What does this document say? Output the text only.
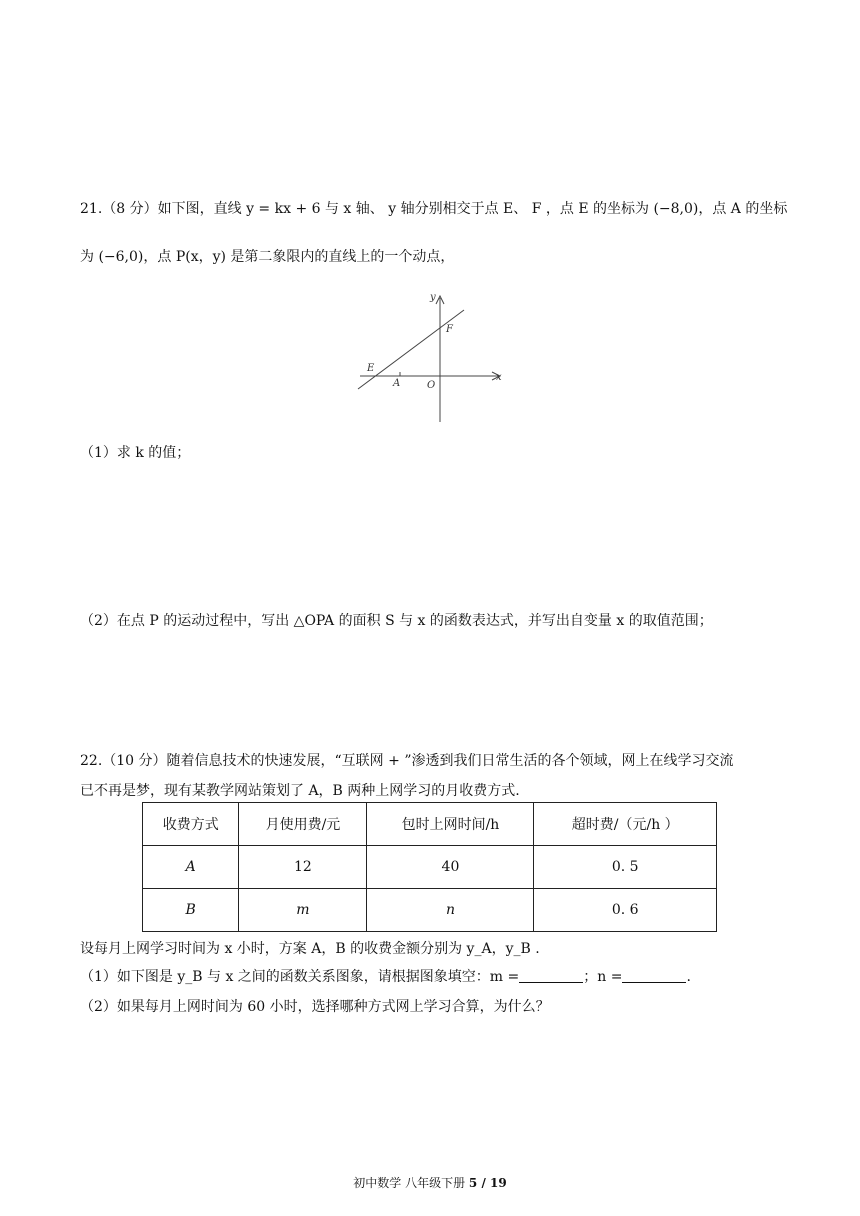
21.（8 分）如下图，直线 y = kx + 6 与 x 轴、 y 轴分别相交于点 E、 F ，点 E 的坐标为 (−8,0)，点 A 的坐标
为 (−6,0)，点 P(x，y) 是第二象限内的直线上的一个动点，
y
x
F
E
A	O
（1）求 k 的值；
（2）在点 P 的运动过程中，写出 △OPA 的面积 S 与 x 的函数表达式，并写出自变量 x 的取值范围；
22.（10 分）随着信息技术的快速发展，“互联网 + ”渗透到我们日常生活的各个领域，网上在线学习交流
已不再是梦，现有某教学网站策划了 A，B 两种上网学习的月收费方式.
收费方式	月使用费/元	包时上网时间/h	超时费/（元/h ）
A	12	40	0. 5
B	m	n	0. 6
设每月上网学习时间为 x 小时，方案 A，B 的收费金额分别为 y_A，y_B .
（1）如下图是 y_B 与 x 之间的函数关系图象，请根据图象填空：m =	；n =	.
（2）如果每月上网时间为 60 小时，选择哪种方式网上学习合算，为什么？
初中数学 八年级下册 5 / 19
